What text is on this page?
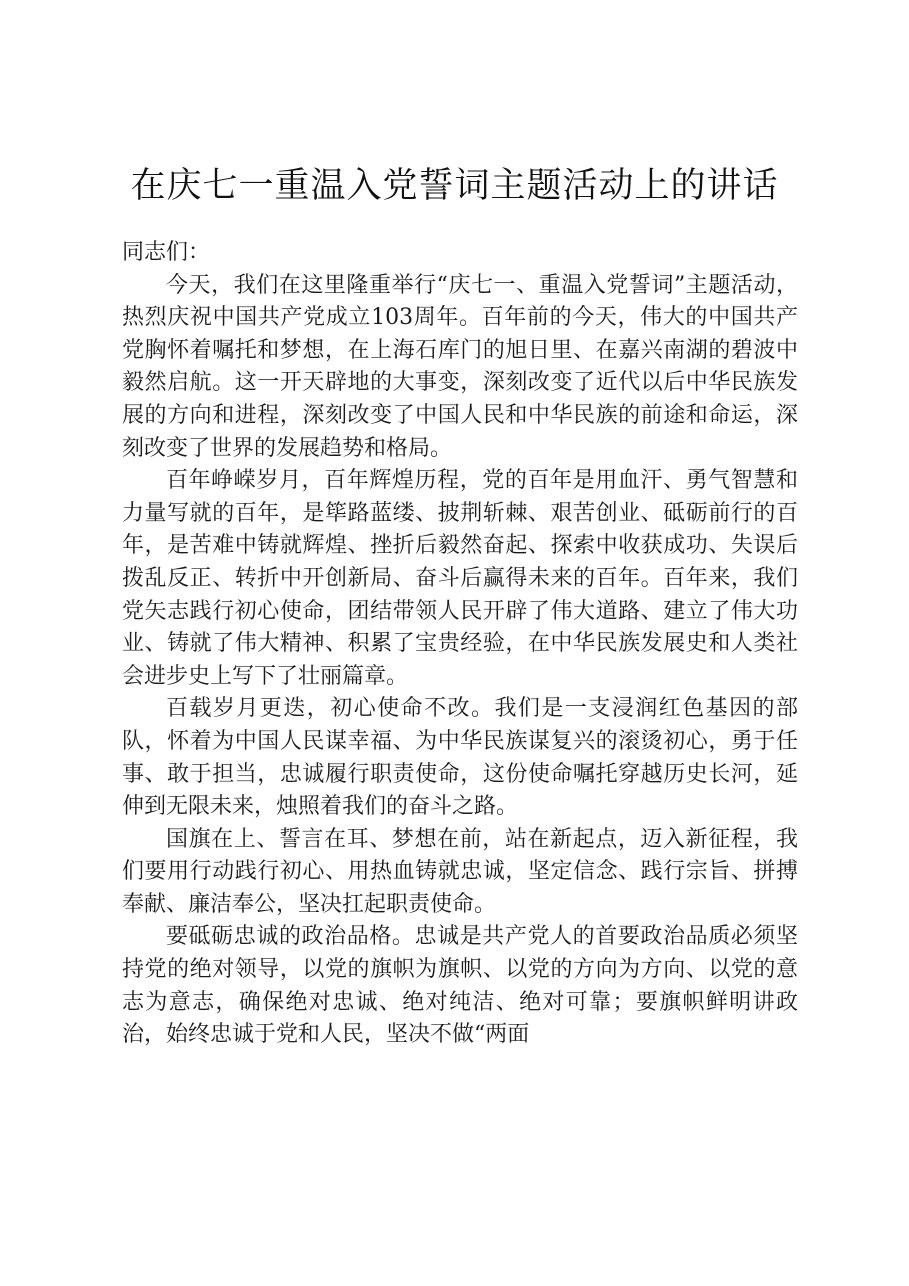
在庆七一重温入党誓词主题活动上的讲话

同志们：

今天，我们在这里隆重举行“庆七一、重温入党誓词”主题活动，热烈庆祝中国共产党成立103周年。百年前的今天，伟大的中国共产党胸怀着嘱托和梦想，在上海石库门的旭日里、在嘉兴南湖的碧波中毅然启航。这一开天辟地的大事变，深刻改变了近代以后中华民族发展的方向和进程，深刻改变了中国人民和中华民族的前途和命运，深刻改变了世界的发展趋势和格局。

百年峥嵘岁月，百年辉煌历程，党的百年是用血汗、勇气智慧和力量写就的百年，是筚路蓝缕、披荆斩棘、艰苦创业、砥砺前行的百年，是苦难中铸就辉煌、挫折后毅然奋起、探索中收获成功、失误后拨乱反正、转折中开创新局、奋斗后赢得未来的百年。百年来，我们党矢志践行初心使命，团结带领人民开辟了伟大道路、建立了伟大功业、铸就了伟大精神、积累了宝贵经验，在中华民族发展史和人类社会进步史上写下了壮丽篇章。

百载岁月更迭，初心使命不改。我们是一支浸润红色基因的部队，怀着为中国人民谋幸福、为中华民族谋复兴的滚烫初心，勇于任事、敢于担当，忠诚履行职责使命，这份使命嘱托穿越历史长河，延伸到无限未来，烛照着我们的奋斗之路。

国旗在上、誓言在耳、梦想在前，站在新起点，迈入新征程，我们要用行动践行初心、用热血铸就忠诚，坚定信念、践行宗旨、拼搏奉献、廉洁奉公，坚决扛起职责使命。

要砥砺忠诚的政治品格。忠诚是共产党人的首要政治品质必须坚持党的绝对领导，以党的旗帜为旗帜、以党的方向为方向、以党的意志为意志，确保绝对忠诚、绝对纯洁、绝对可靠；要旗帜鲜明讲政治，始终忠诚于党和人民，坚决不做“两面
